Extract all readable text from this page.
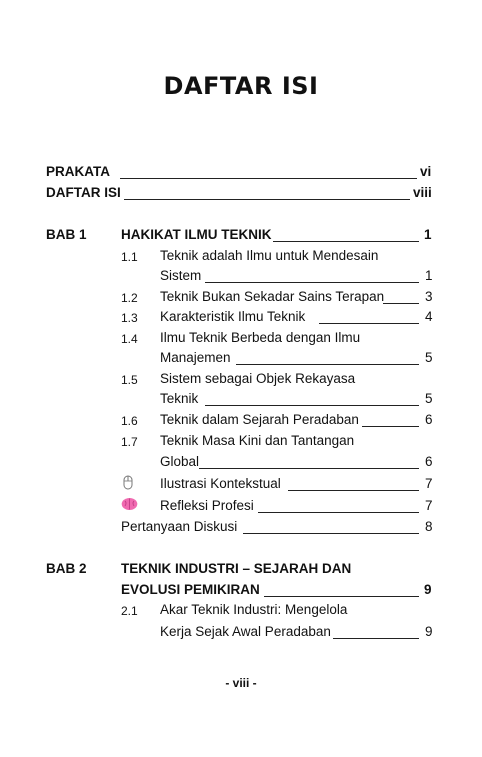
DAFTAR ISI
PRAKATA	vi
DAFTAR ISI	viii
BAB 1	HAKIKAT ILMU TEKNIK	1
1.1 Teknik adalah Ilmu untuk Mendesain
Sistem	1
1.2 Teknik Bukan Sekadar Sains Terapan	3
1.3 Karakteristik Ilmu Teknik	4
1.4 Ilmu Teknik Berbeda dengan Ilmu
Manajemen	5
1.5 Sistem sebagai Objek Rekayasa
Teknik	5
1.6 Teknik dalam Sejarah Peradaban	6
1.7 Teknik Masa Kini dan Tantangan
Global	6
Ilustrasi Kontekstual	7
Refleksi Profesi	7
Pertanyaan Diskusi	8
BAB 2	TEKNIK INDUSTRI – SEJARAH DAN
EVOLUSI PEMIKIRAN	9
2.1 Akar Teknik Industri: Mengelola
Kerja Sejak Awal Peradaban	9
- viii -
